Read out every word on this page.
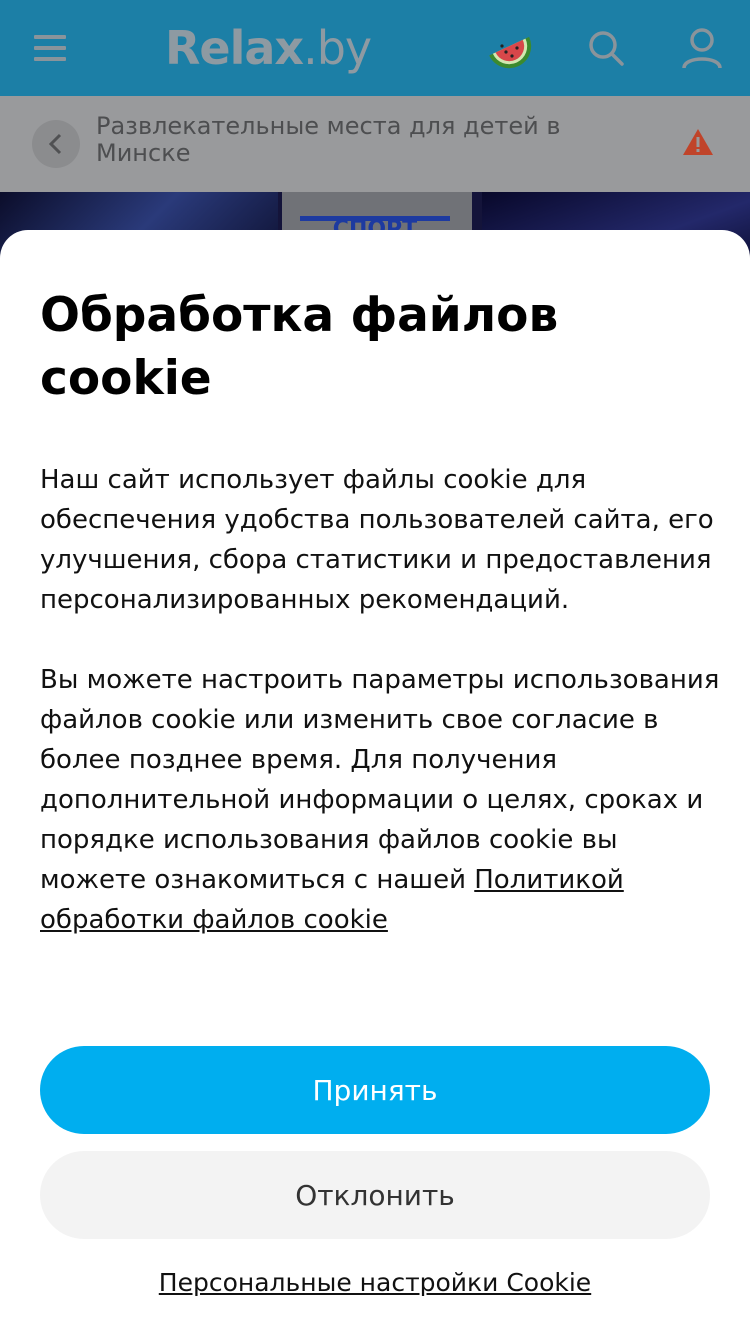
Relax.by
Развлекательные места для детей в Минске
Обработка файлов cookie

Наш сайт использует файлы cookie для обеспечения удобства пользователей сайта, его улучшения, сбора статистики и предоставления персонализированных рекомендаций.

Вы можете настроить параметры использования файлов cookie или изменить свое согласие в более позднее время. Для получения дополнительной информации о целях, сроках и порядке использования файлов cookie вы можете ознакомиться с нашей Политикой обработки файлов cookie

Принять
Отклонить
Персональные настройки Cookie
